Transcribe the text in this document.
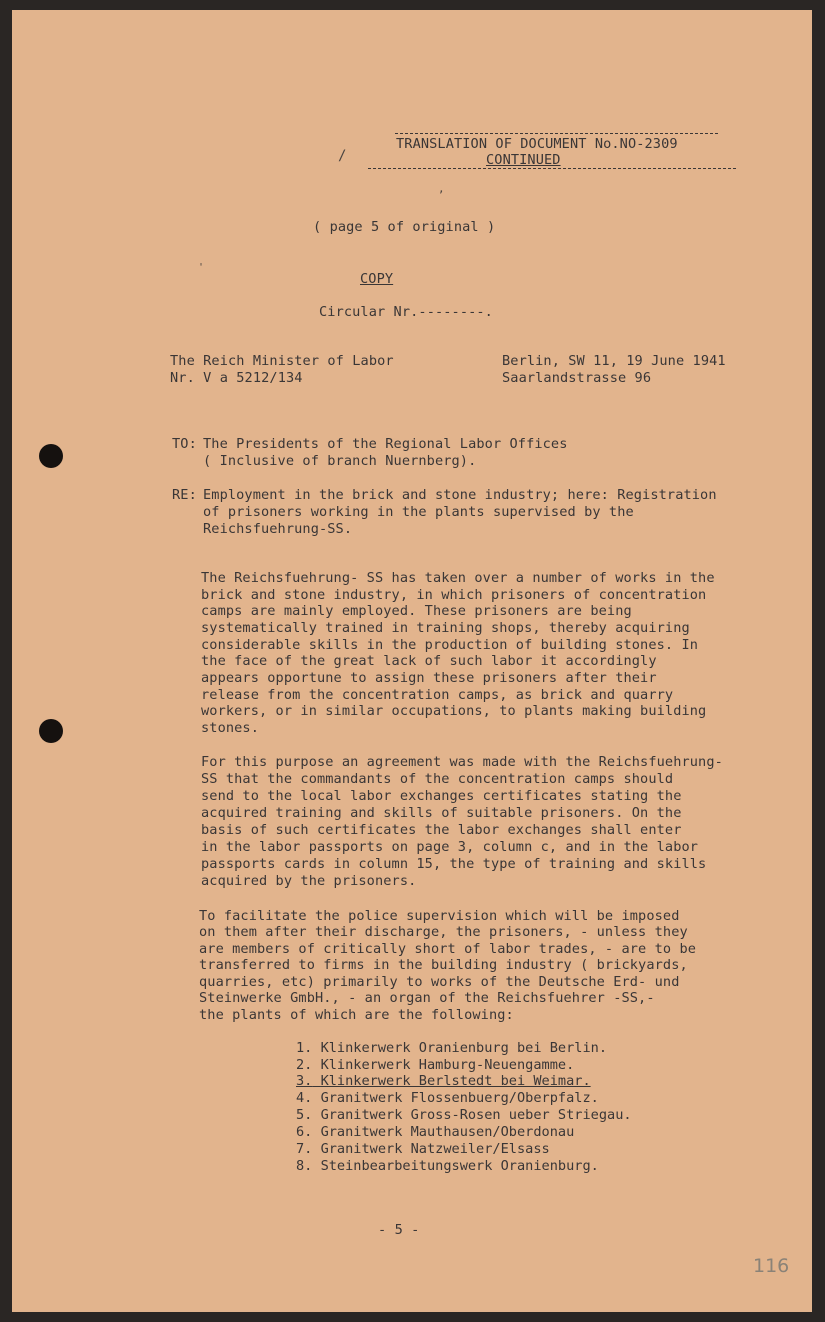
TRANSLATION OF DOCUMENT No.NO-2309
CONTINUED
/
,
( page 5 of original )
'
COPY
Circular Nr.--------.
The Reich Minister of Labor
Nr. V a 5212/134
Berlin, SW 11, 19 June 1941
Saarlandstrasse 96
TO: The Presidents of the Regional Labor Offices
( Inclusive of branch Nuernberg).
RE: Employment in the brick and stone industry; here: Registration
of prisoners working in the plants supervised by the
Reichsfuehrung-SS.
The Reichsfuehrung- SS has taken over a number of works in the
brick and stone industry, in which prisoners of concentration
camps are mainly employed. These prisoners are being
systematically trained in training shops, thereby acquiring
considerable skills in the production of building stones. In
the face of the great lack of such labor it accordingly
appears opportune to assign these prisoners after their
release from the concentration camps, as brick and quarry
workers, or in similar occupations, to plants making building
stones.
For this purpose an agreement was made with the Reichsfuehrung-
SS that the commandants of the concentration camps should
send to the local labor exchanges certificates stating the
acquired training and skills of suitable prisoners. On the
basis of such certificates the labor exchanges shall enter
in the labor passports on page 3, column c, and in the labor
passports cards in column 15, the type of training and skills
acquired by the prisoners.
To facilitate the police supervision which will be imposed
on them after their discharge, the prisoners, - unless they
are members of critically short of labor trades, - are to be
transferred to firms in the building industry ( brickyards,
quarries, etc) primarily to works of the Deutsche Erd- und
Steinwerke GmbH., - an organ of the Reichsfuehrer -SS,-
the plants of which are the following:
1. Klinkerwerk Oranienburg bei Berlin.
2. Klinkerwerk Hamburg-Neuengamme.
3. Klinkerwerk Berlstedt bei Weimar.
4. Granitwerk Flossenbuerg/Oberpfalz.
5. Granitwerk Gross-Rosen ueber Striegau.
6. Granitwerk Mauthausen/Oberdonau
7. Granitwerk Natzweiler/Elsass
8. Steinbearbeitungswerk Oranienburg.
- 5 -
116
